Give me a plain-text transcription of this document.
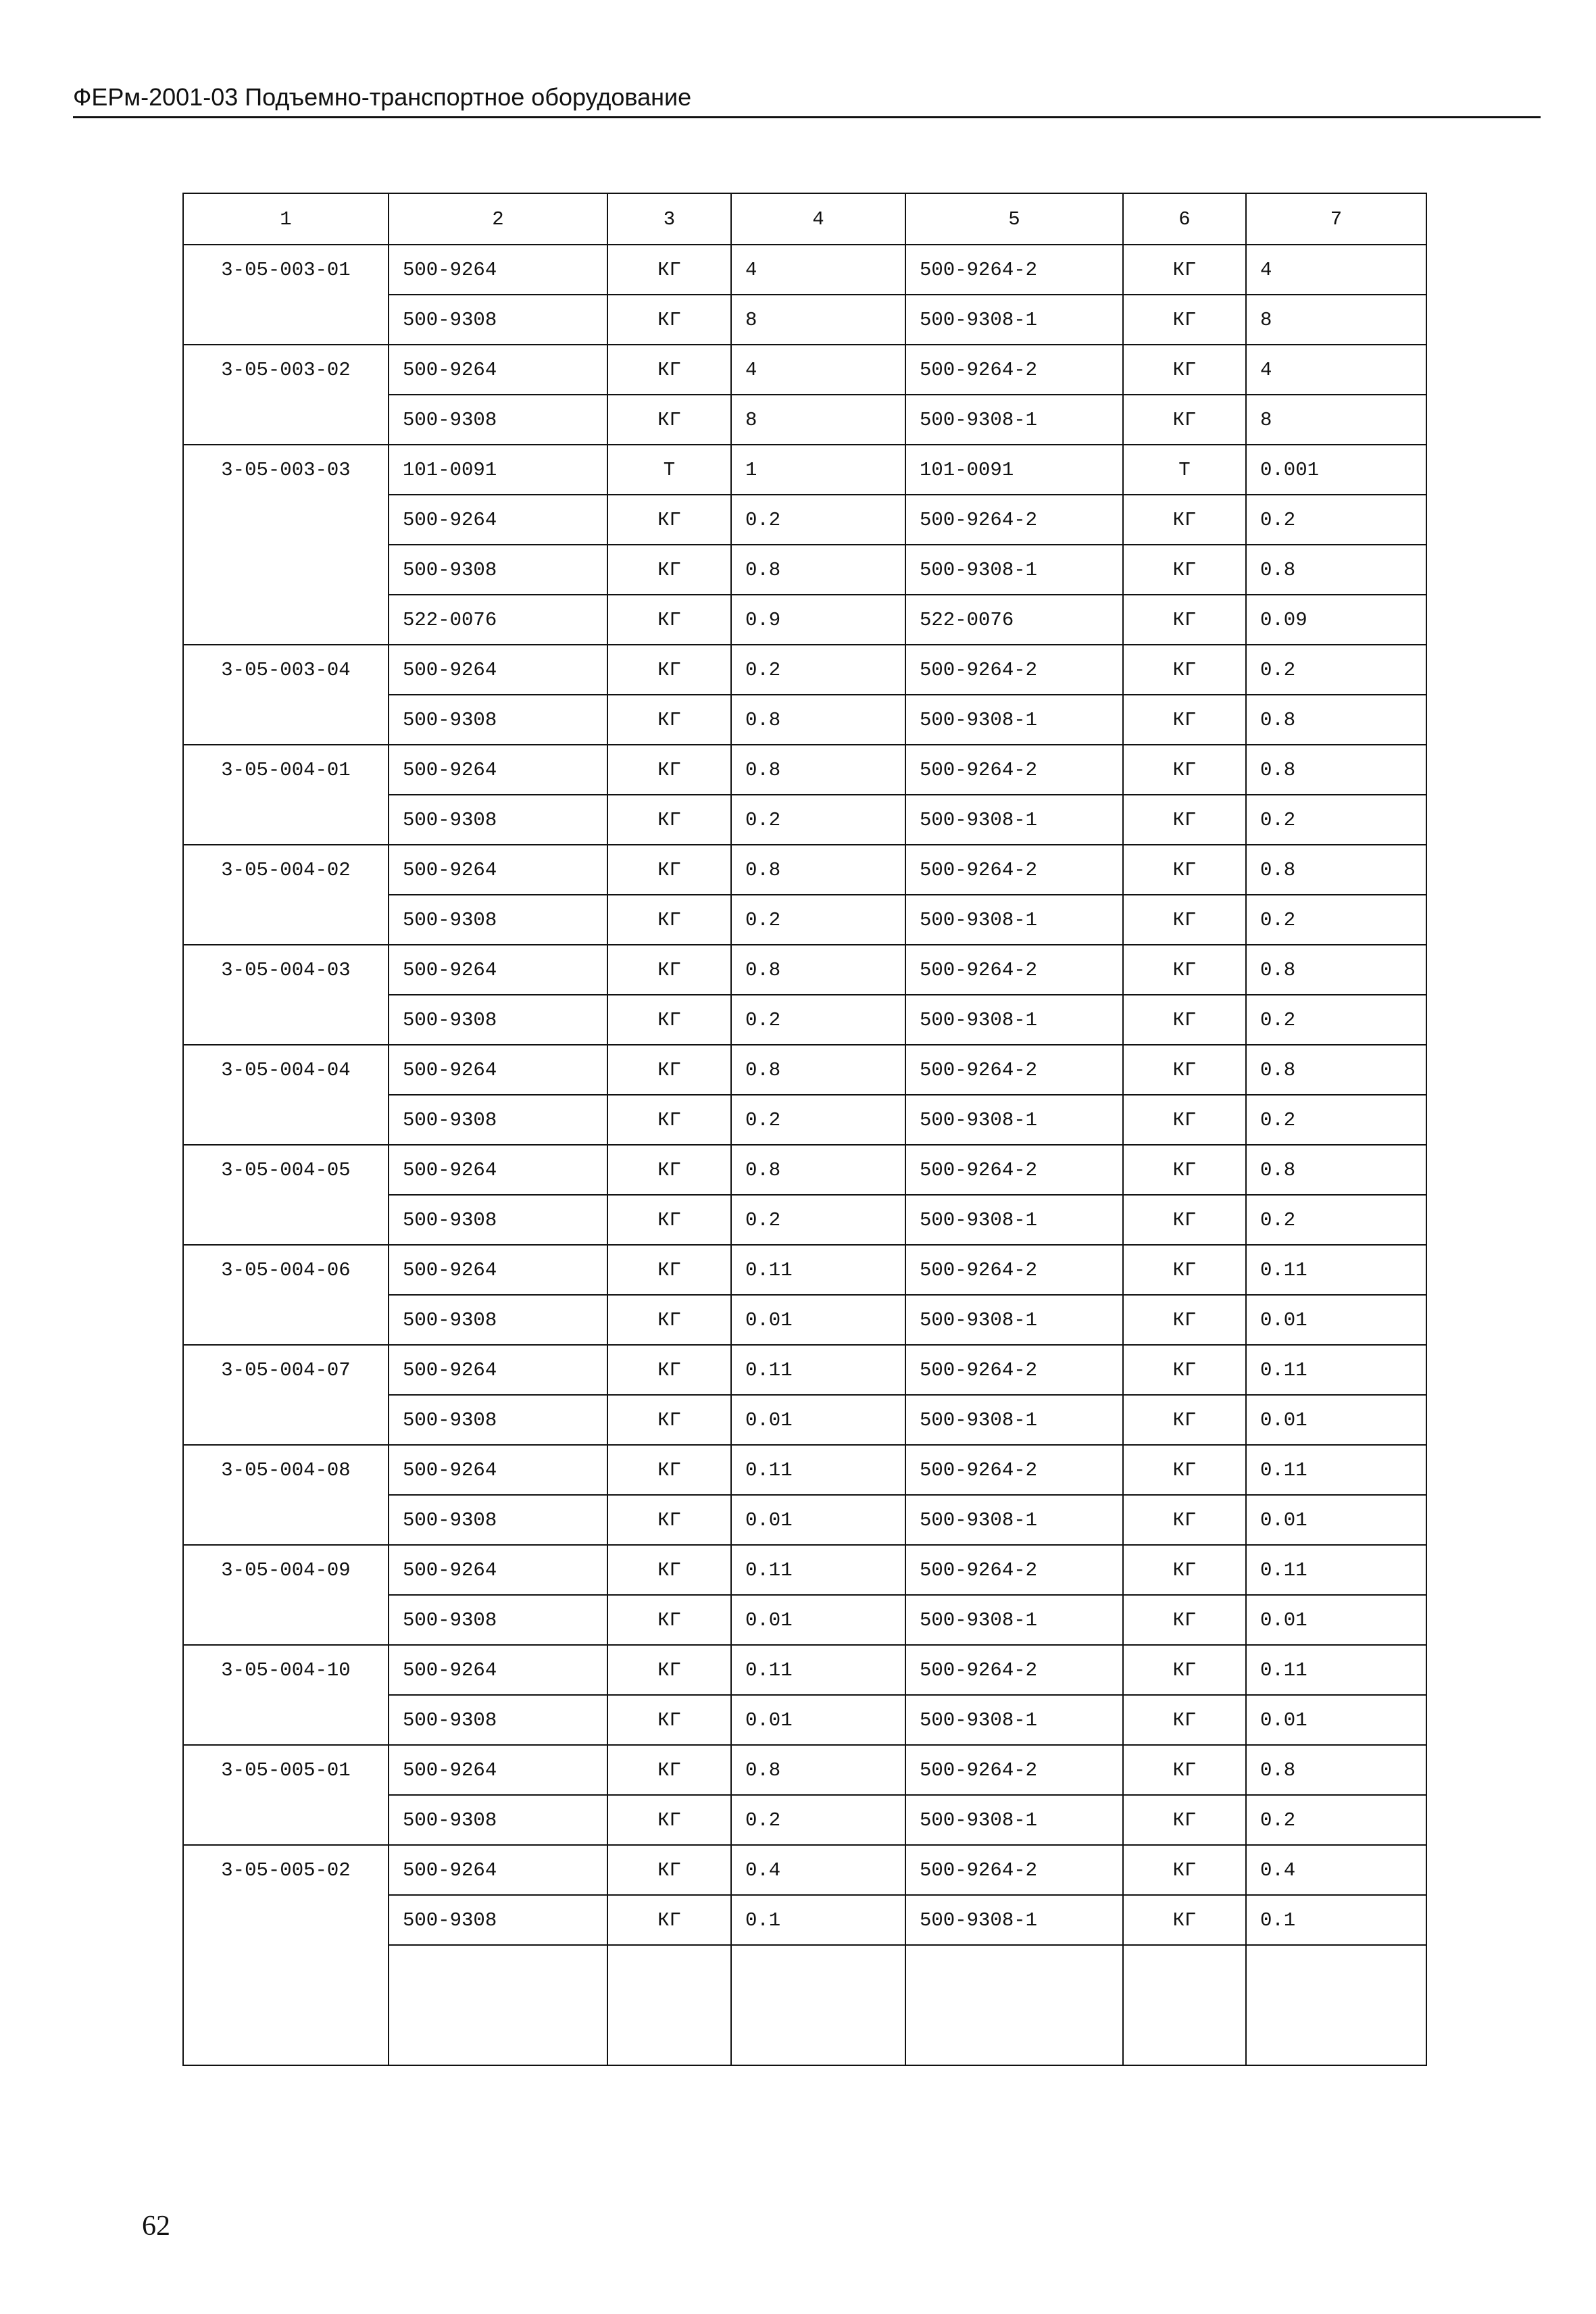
ФЕРм-2001-03 Подъемно-транспортное оборудование
1	2	3	4	5	6	7
3-05-003-01	500-9264	КГ	4	500-9264-2	КГ	4
	500-9308	КГ	8	500-9308-1	КГ	8
3-05-003-02	500-9264	КГ	4	500-9264-2	КГ	4
	500-9308	КГ	8	500-9308-1	КГ	8
3-05-003-03	101-0091	Т	1	101-0091	Т	0.001
	500-9264	КГ	0.2	500-9264-2	КГ	0.2
	500-9308	КГ	0.8	500-9308-1	КГ	0.8
	522-0076	КГ	0.9	522-0076	КГ	0.09
3-05-003-04	500-9264	КГ	0.2	500-9264-2	КГ	0.2
	500-9308	КГ	0.8	500-9308-1	КГ	0.8
3-05-004-01	500-9264	КГ	0.8	500-9264-2	КГ	0.8
	500-9308	КГ	0.2	500-9308-1	КГ	0.2
3-05-004-02	500-9264	КГ	0.8	500-9264-2	КГ	0.8
	500-9308	КГ	0.2	500-9308-1	КГ	0.2
3-05-004-03	500-9264	КГ	0.8	500-9264-2	КГ	0.8
	500-9308	КГ	0.2	500-9308-1	КГ	0.2
3-05-004-04	500-9264	КГ	0.8	500-9264-2	КГ	0.8
	500-9308	КГ	0.2	500-9308-1	КГ	0.2
3-05-004-05	500-9264	КГ	0.8	500-9264-2	КГ	0.8
	500-9308	КГ	0.2	500-9308-1	КГ	0.2
3-05-004-06	500-9264	КГ	0.11	500-9264-2	КГ	0.11
	500-9308	КГ	0.01	500-9308-1	КГ	0.01
3-05-004-07	500-9264	КГ	0.11	500-9264-2	КГ	0.11
	500-9308	КГ	0.01	500-9308-1	КГ	0.01
3-05-004-08	500-9264	КГ	0.11	500-9264-2	КГ	0.11
	500-9308	КГ	0.01	500-9308-1	КГ	0.01
3-05-004-09	500-9264	КГ	0.11	500-9264-2	КГ	0.11
	500-9308	КГ	0.01	500-9308-1	КГ	0.01
3-05-004-10	500-9264	КГ	0.11	500-9264-2	КГ	0.11
	500-9308	КГ	0.01	500-9308-1	КГ	0.01
3-05-005-01	500-9264	КГ	0.8	500-9264-2	КГ	0.8
	500-9308	КГ	0.2	500-9308-1	КГ	0.2
3-05-005-02	500-9264	КГ	0.4	500-9264-2	КГ	0.4
	500-9308	КГ	0.1	500-9308-1	КГ	0.1

62
